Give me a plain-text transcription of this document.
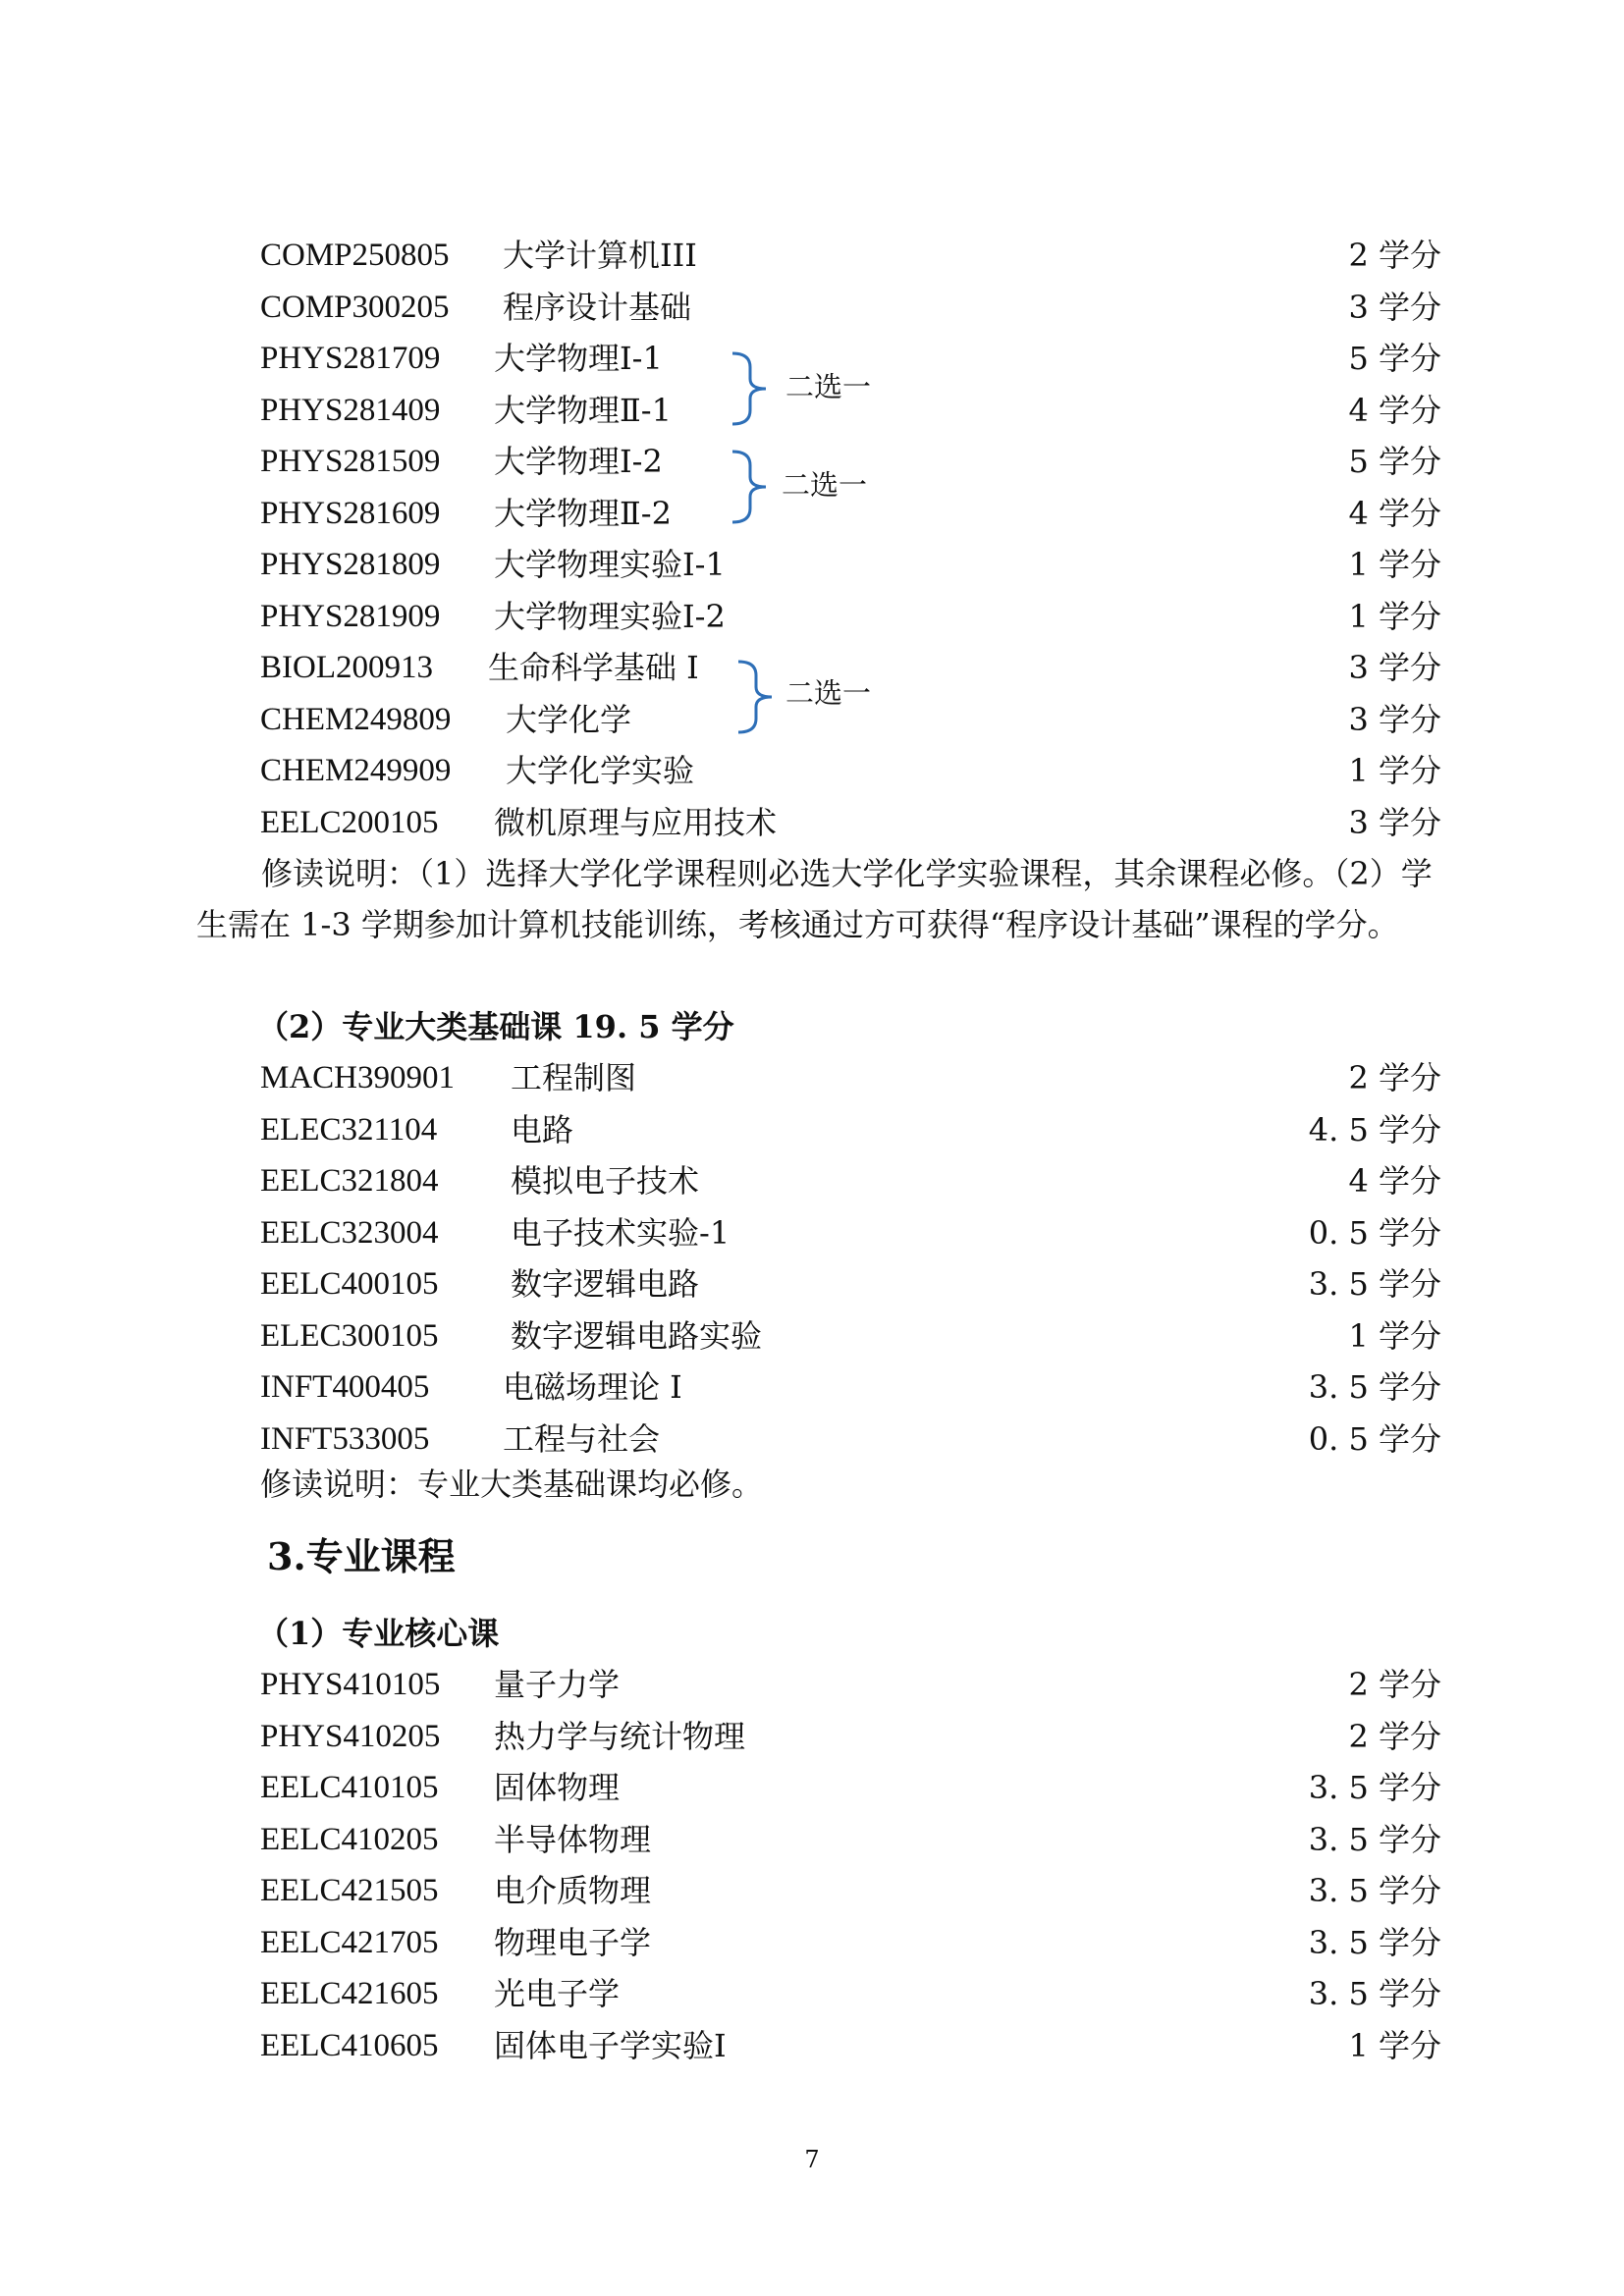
COMP250805 大学计算机III	2 学分
COMP300205 程序设计基础	3 学分
PHYS281709 大学物理Ⅰ-1	5 学分
PHYS281409 大学物理Ⅱ-1	4 学分
PHYS281509 大学物理Ⅰ-2	5 学分
PHYS281609 大学物理Ⅱ-2	4 学分
PHYS281809 大学物理实验Ⅰ-1	1 学分
PHYS281909 大学物理实验Ⅰ-2	1 学分
BIOL200913 生命科学基础 I	3 学分
CHEM249809 大学化学	3 学分
CHEM249909 大学化学实验	1 学分
EELC200105 微机原理与应用技术	3 学分
二选一
二选一
二选一
修读说明：（1）选择大学化学课程则必选大学化学实验课程，其余课程必修。（2）学生需在 1-3 学期参加计算机技能训练，考核通过方可获得“程序设计基础”课程的学分。
（2）专业大类基础课 19. 5 学分
MACH390901 工程制图	2 学分
ELEC321104 电路	4. 5 学分
EELC321804 模拟电子技术	4 学分
EELC323004 电子技术实验-1	0. 5 学分
EELC400105 数字逻辑电路	3. 5 学分
ELEC300105 数字逻辑电路实验	1 学分
INFT400405 电磁场理论 I	3. 5 学分
INFT533005 工程与社会	0. 5 学分
修读说明：专业大类基础课均必修。
3.专业课程
（1）专业核心课
PHYS410105 量子力学	2 学分
PHYS410205 热力学与统计物理	2 学分
EELC410105 固体物理	3. 5 学分
EELC410205 半导体物理	3. 5 学分
EELC421505 电介质物理	3. 5 学分
EELC421705 物理电子学	3. 5 学分
EELC421605 光电子学	3. 5 学分
EELC410605 固体电子学实验Ⅰ	1 学分
7
